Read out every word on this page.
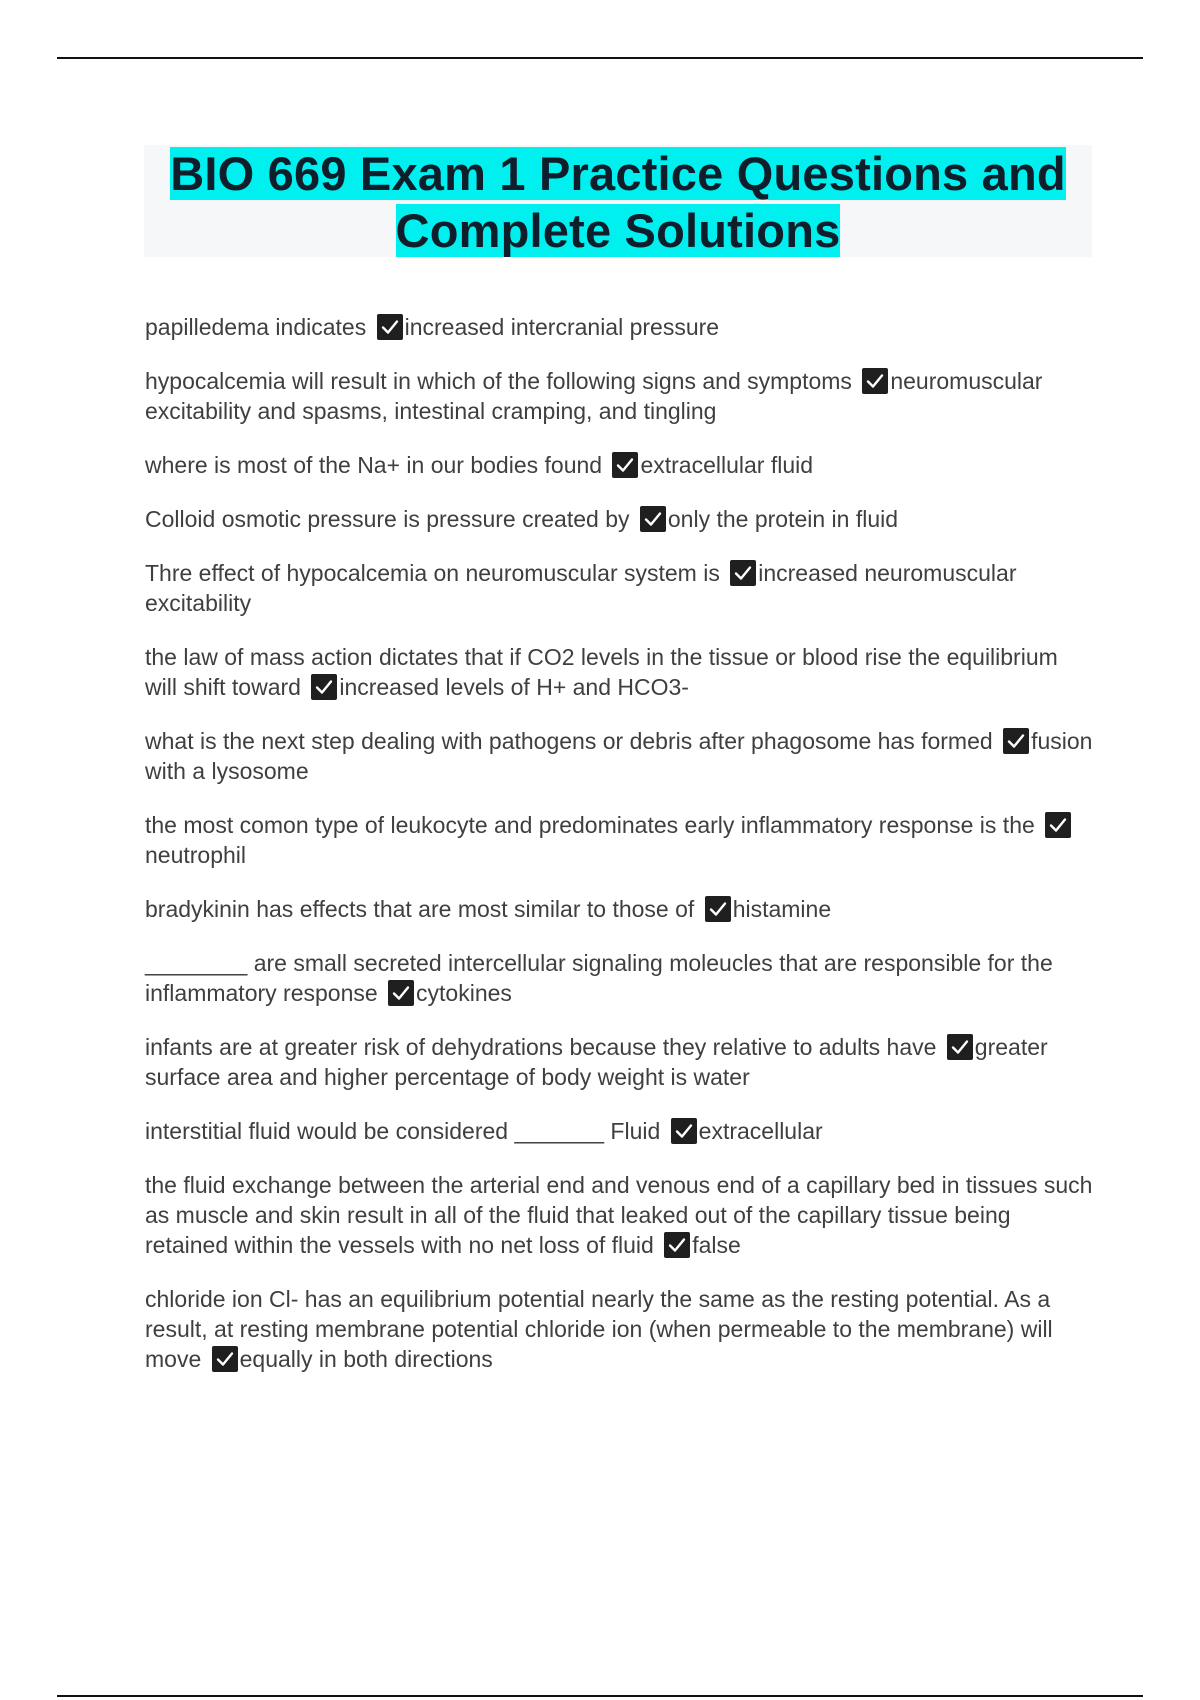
BIO 669 Exam 1 Practice Questions and
Complete Solutions
papilledema indicates increased intercranial pressure
hypocalcemia will result in which of the following signs and symptoms neuromuscular excitability and spasms, intestinal cramping, and tingling
where is most of the Na+ in our bodies found extracellular fluid
Colloid osmotic pressure is pressure created by only the protein in fluid
Thre effect of hypocalcemia on neuromuscular system is increased neuromuscular excitability
the law of mass action dictates that if CO2 levels in the tissue or blood rise the equilibrium will shift toward increased levels of H+ and HCO3-
what is the next step dealing with pathogens or debris after phagosome has formed fusion with a lysosome
the most comon type of leukocyte and predominates early inflammatory response is the
neutrophil
bradykinin has effects that are most similar to those of histamine
________ are small secreted intercellular signaling moleucles that are responsible for the inflammatory response cytokines
infants are at greater risk of dehydrations because they relative to adults have greater surface area and higher percentage of body weight is water
interstitial fluid would be considered _______ Fluid extracellular
the fluid exchange between the arterial end and venous end of a capillary bed in tissues such as muscle and skin result in all of the fluid that leaked out of the capillary tissue being retained within the vessels with no net loss of fluid false
chloride ion Cl- has an equilibrium potential nearly the same as the resting potential. As a result, at resting membrane potential chloride ion (when permeable to the membrane) will move equally in both directions
